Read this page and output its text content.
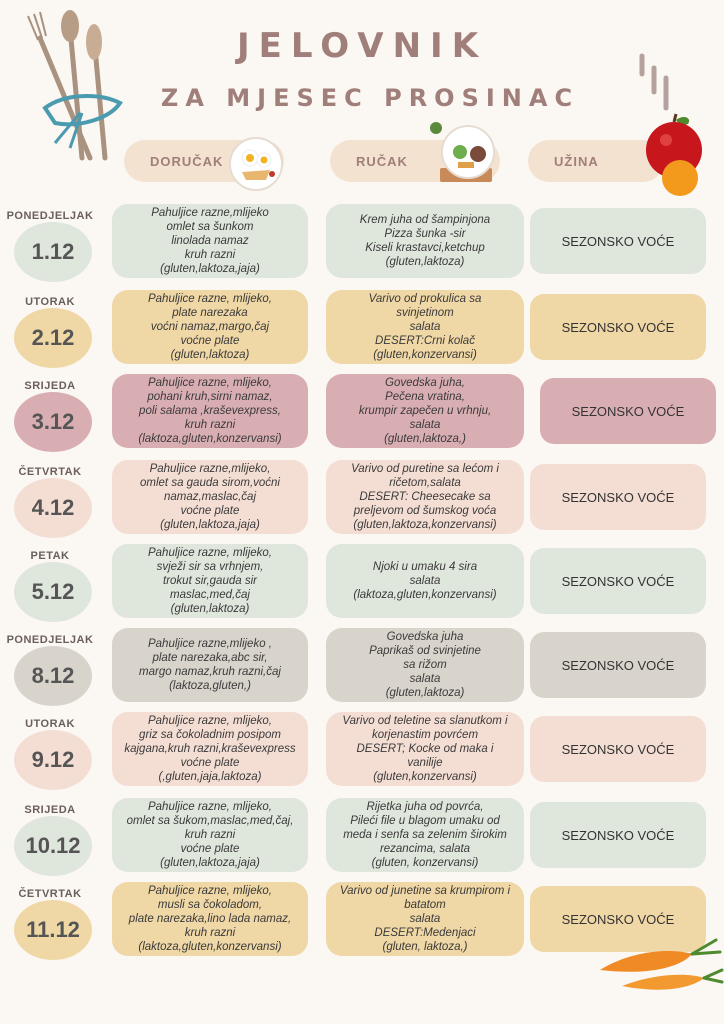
JELOVNIK
ZA MJESEC PROSINAC
DORUČAK	RUČAK	UŽINA
PONEDJELJAK
1.12
Pahuljice razne,mlijeko
omlet sa šunkom
linolada namaz
kruh razni
(gluten,laktoza,jaja)
Krem juha od šampinjona
Pizza šunka -sir
Kiseli krastavci,ketchup
(gluten,laktoza)
SEZONSKO VOĆE
UTORAK
2.12
Pahuljice razne, mlijeko,
plate narezaka
voćni namaz,margo,čaj
voćne plate
(gluten,laktoza)
Varivo od prokulica sa
svinjetinom
salata
DESERT:Crni kolač
(gluten,konzervansi)
SEZONSKO VOĆE
SRIJEDA
3.12
Pahuljice razne, mlijeko,
pohani kruh,sirni namaz,
poli salama ,kraševexpress,
kruh razni
(laktoza,gluten,konzervansi)
Govedska juha,
Pečena vratina,
krumpir zapečen u vrhnju,
salata
(gluten,laktoza,)
SEZONSKO VOĆE
ČETVRTAK
4.12
Pahuljice razne,mlijeko,
omlet sa gauda sirom,voćni
namaz,maslac,čaj
voćne plate
(gluten,laktoza,jaja)
Varivo od puretine sa lećom i
ričetom,salata
DESERT: Cheesecake sa
preljevom od šumskog voća
(gluten,laktoza,konzervansi)
SEZONSKO VOĆE
PETAK
5.12
Pahuljice razne, mlijeko,
svježi sir sa vrhnjem,
trokut sir,gauda sir
maslac,med,čaj
(gluten,laktoza)
Njoki u umaku 4 sira
salata
(laktoza,gluten,konzervansi)
SEZONSKO VOĆE
PONEDJELJAK
8.12
Pahuljice razne,mlijeko ,
plate narezaka,abc sir,
margo namaz,kruh razni,čaj
(laktoza,gluten,)
Govedska juha
Paprikaš od svinjetine
sa rižom
salata
(gluten,laktoza)
SEZONSKO VOĆE
UTORAK
9.12
Pahuljice razne, mlijeko,
griz sa čokoladnim posipom
kajgana,kruh razni,kraševexpress
voćne plate
(,gluten,jaja,laktoza)
Varivo od teletine sa slanutkom i
korjenastim povrćem
DESERT; Kocke od maka i
vanilije
(gluten,konzervansi)
SEZONSKO VOĆE
SRIJEDA
10.12
Pahuljice razne, mlijeko,
omlet sa šukom,maslac,med,čaj,
kruh razni
voćne plate
(gluten,laktoza,jaja)
Rijetka juha od povrća,
Pileći file u blagom umaku od
meda i senfa sa zelenim širokim
rezancima, salata
(gluten, konzervansi)
SEZONSKO VOĆE
ČETVRTAK
11.12
Pahuljice razne, mlijeko,
musli sa čokoladom,
plate narezaka,lino lada namaz,
kruh razni
(laktoza,gluten,konzervansi)
Varivo od junetine sa krumpirom i
batatom
salata
DESERT:Medenjaci
(gluten, laktoza,)
SEZONSKO VOĆE
